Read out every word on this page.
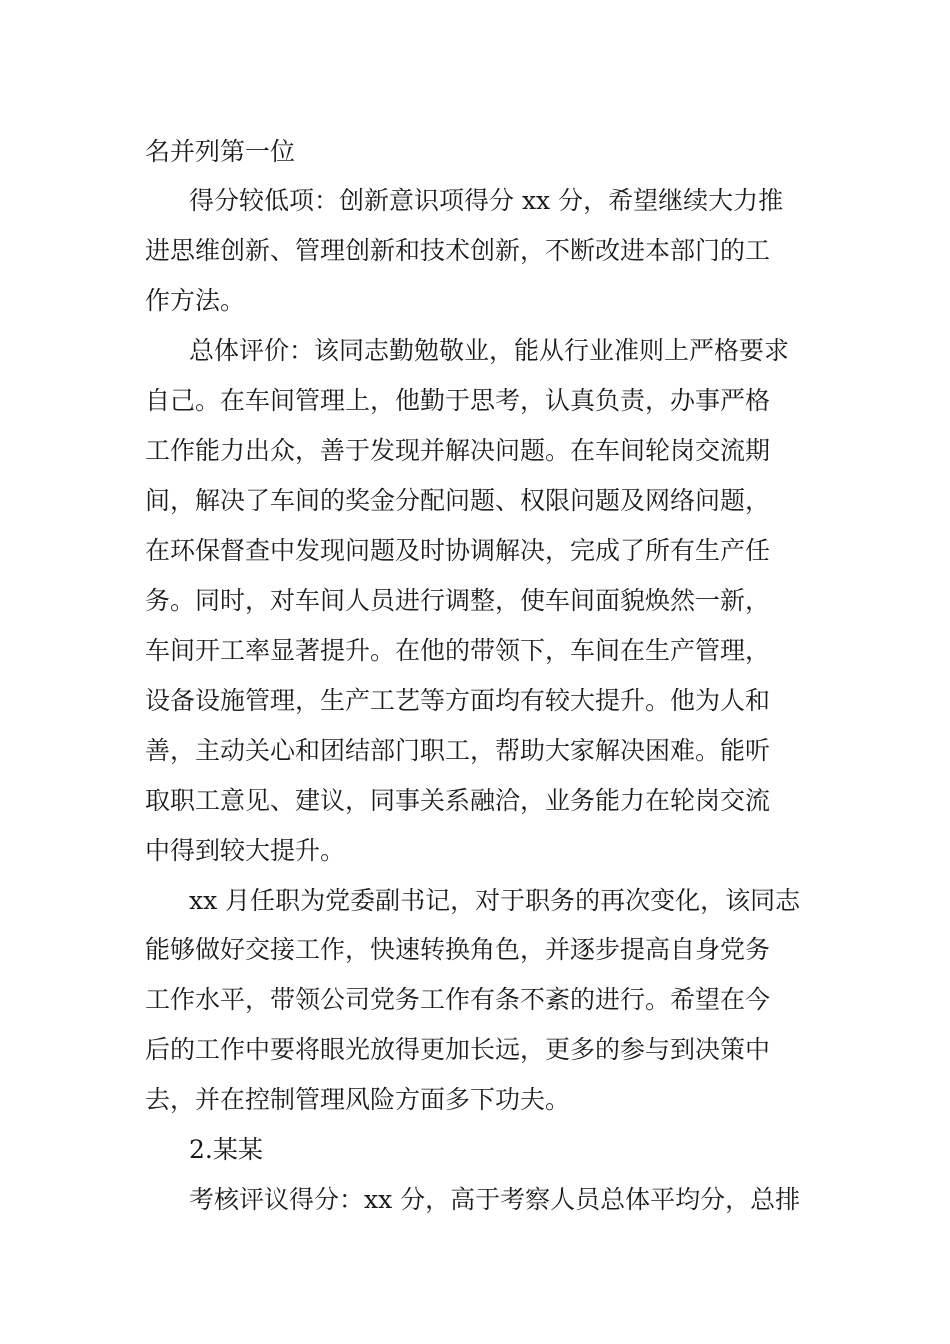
名并列第一位
得分较低项：创新意识项得分 xx 分，希望继续大力推
进思维创新、管理创新和技术创新，不断改进本部门的工
作方法。
总体评价：该同志勤勉敬业，能从行业准则上严格要求
自己。在车间管理上，他勤于思考，认真负责，办事严格
工作能力出众，善于发现并解决问题。在车间轮岗交流期
间，解决了车间的奖金分配问题、权限问题及网络问题，
在环保督查中发现问题及时协调解决，完成了所有生产任
务。同时，对车间人员进行调整，使车间面貌焕然一新，
车间开工率显著提升。在他的带领下，车间在生产管理，
设备设施管理，生产工艺等方面均有较大提升。他为人和
善，主动关心和团结部门职工，帮助大家解决困难。能听
取职工意见、建议，同事关系融洽，业务能力在轮岗交流
中得到较大提升。
xx 月任职为党委副书记，对于职务的再次变化，该同志
能够做好交接工作，快速转换角色，并逐步提高自身党务
工作水平，带领公司党务工作有条不紊的进行。希望在今
后的工作中要将眼光放得更加长远，更多的参与到决策中
去，并在控制管理风险方面多下功夫。
2.某某
考核评议得分：xx 分，高于考察人员总体平均分，总排
